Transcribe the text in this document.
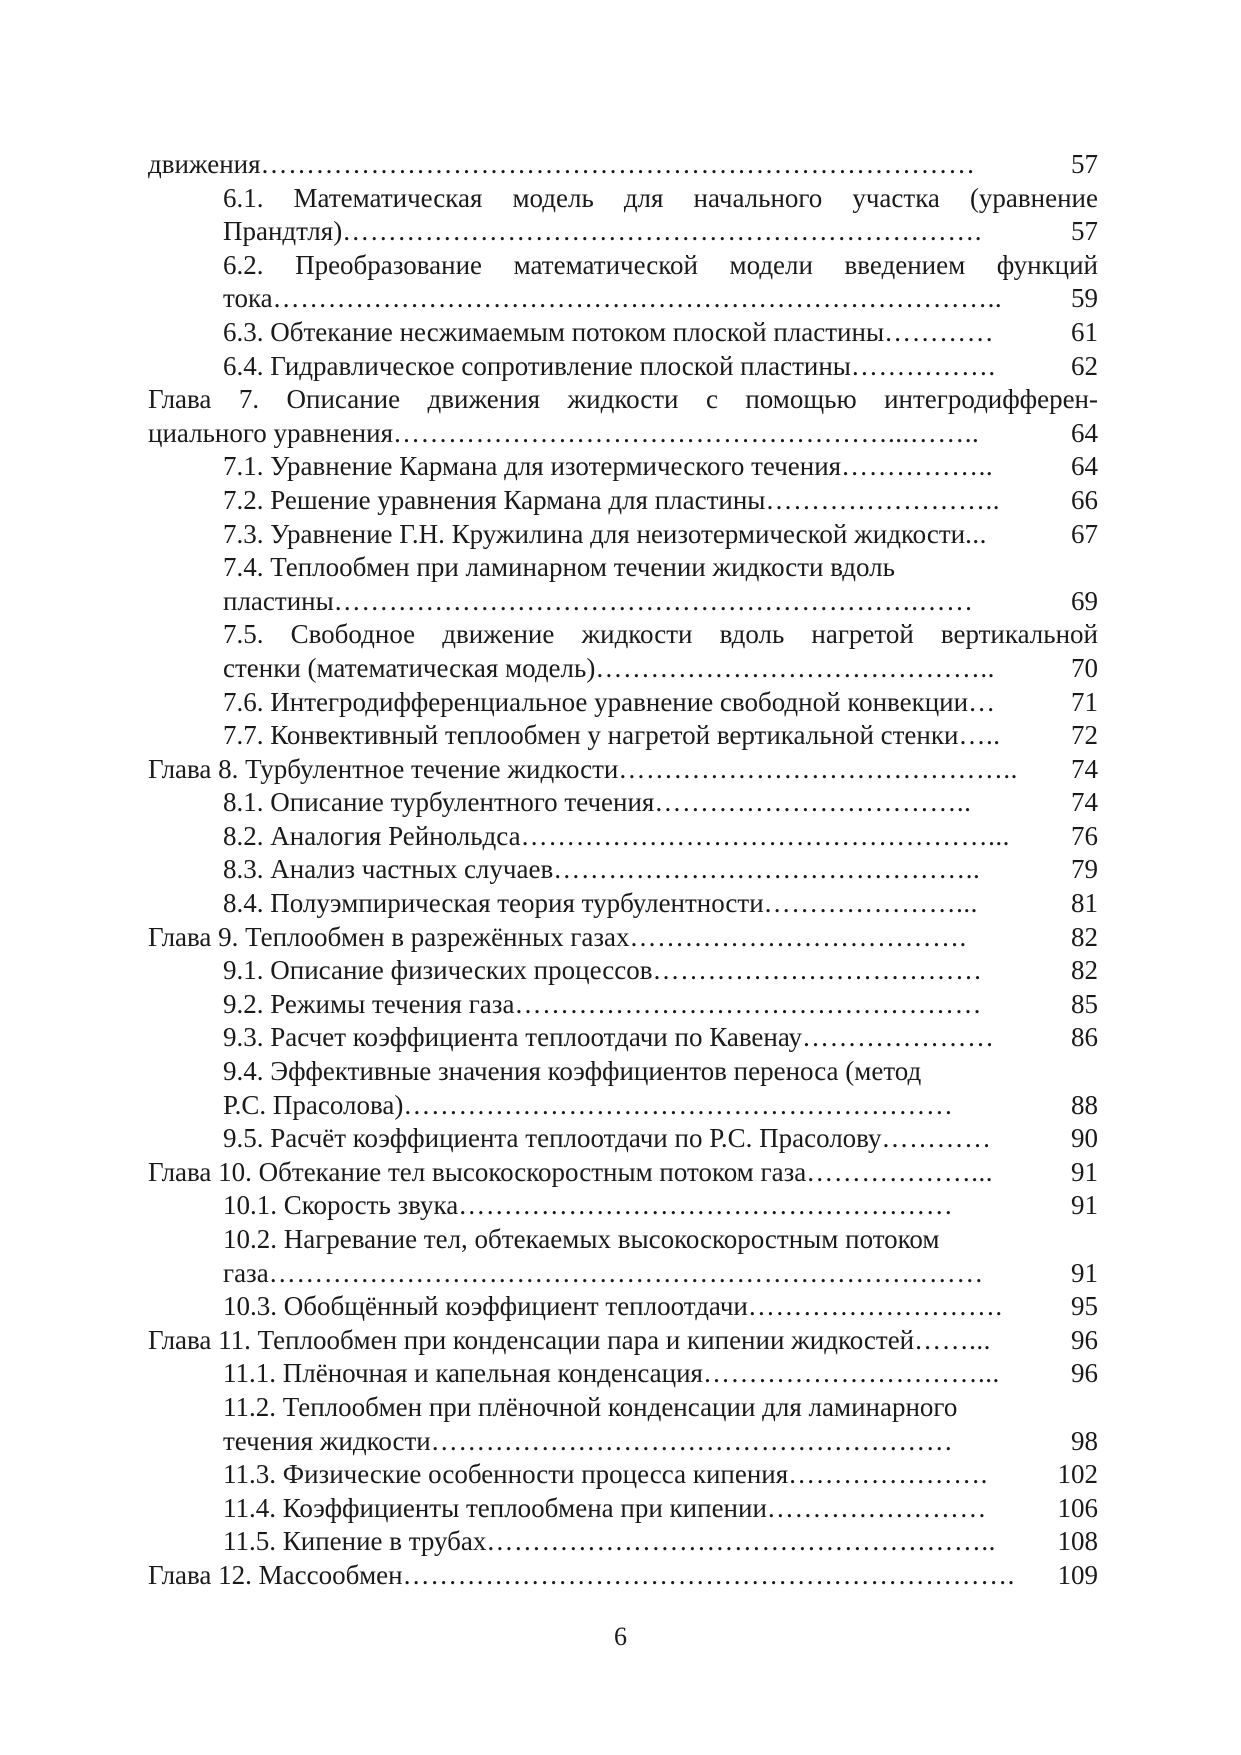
движения ……………………………………………………………………	57
6.1. Математическая модель для начального участка (уравнение
Прандтля) …………………………………………………………….	57
6.2. Преобразование математической модели введением функций
тока ……………………………………………………………………..	59
6.3. Обтекание несжимаемым потоком плоской пластины …………	61
6.4. Гидравлическое сопротивление плоской пластины …………….	62
Глава 7. Описание движения жидкости с помощью интегродифферен-
циального уравнения ………………………………………………...……..	64
7.1. Уравнение Кармана для изотермического течения ……………..	64
7.2. Решение уравнения Кармана для пластины ……………………..	66
7.3. Уравнение Г.Н. Кружилина для неизотермической жидкости ...	67
7.4. Теплообмен при ламинарном течении жидкости вдоль
пластины ……………………………………………………….……	69
7.5. Свободное движение жидкости вдоль нагретой вертикальной
стенки (математическая модель) ……………………………………..	70
7.6. Интегродифференциальное уравнение свободной конвекции …	71
7.7. Конвективный теплообмен у нагретой вертикальной стенки …..	72
Глава 8. Турбулентное течение жидкости ……………………………………..	74
8.1. Описание турбулентного течения ……………………………..	74
8.2. Аналогия Рейнольдса ……………………………………………...	76
8.3. Анализ частных случаев ………………………………………..	79
8.4. Полуэмпирическая теория турбулентности …………………...	81
Глава 9. Теплообмен в разрежённых газах ……………………………….	82
9.1. Описание физических процессов ………………………………	82
9.2. Режимы течения газа ……………………………………………	85
9.3. Расчет коэффициента теплоотдачи по Кавенау …………………	86
9.4. Эффективные значения коэффициентов переноса (метод
Р.С. Прасолова) ……………………………………………………	88
9.5. Расчёт коэффициента теплоотдачи по Р.С. Прасолову …………	90
Глава 10. Обтекание тел высокоскоростным потоком газа ………………...	91
10.1. Скорость звука ………………………………………………	91
10.2. Нагревание тел, обтекаемых высокоскоростным потоком
газа ……………………………………………………………………	91
10.3. Обобщённый коэффициент теплоотдачи ……………………….	95
Глава 11. Теплообмен при конденсации пара и кипении жидкостей ……...	96
11.1. Плёночная и капельная конденсация …………………………...	96
11.2. Теплообмен при плёночной конденсации для ламинарного
течения жидкости …………………………………………………	98
11.3. Физические особенности процесса кипения ………………….	102
11.4. Коэффициенты теплообмена при кипении ……………………	106
11.5. Кипение в трубах ………………………………………………..	108
Глава 12. Массообмен ………………………………………………………….	109
6
